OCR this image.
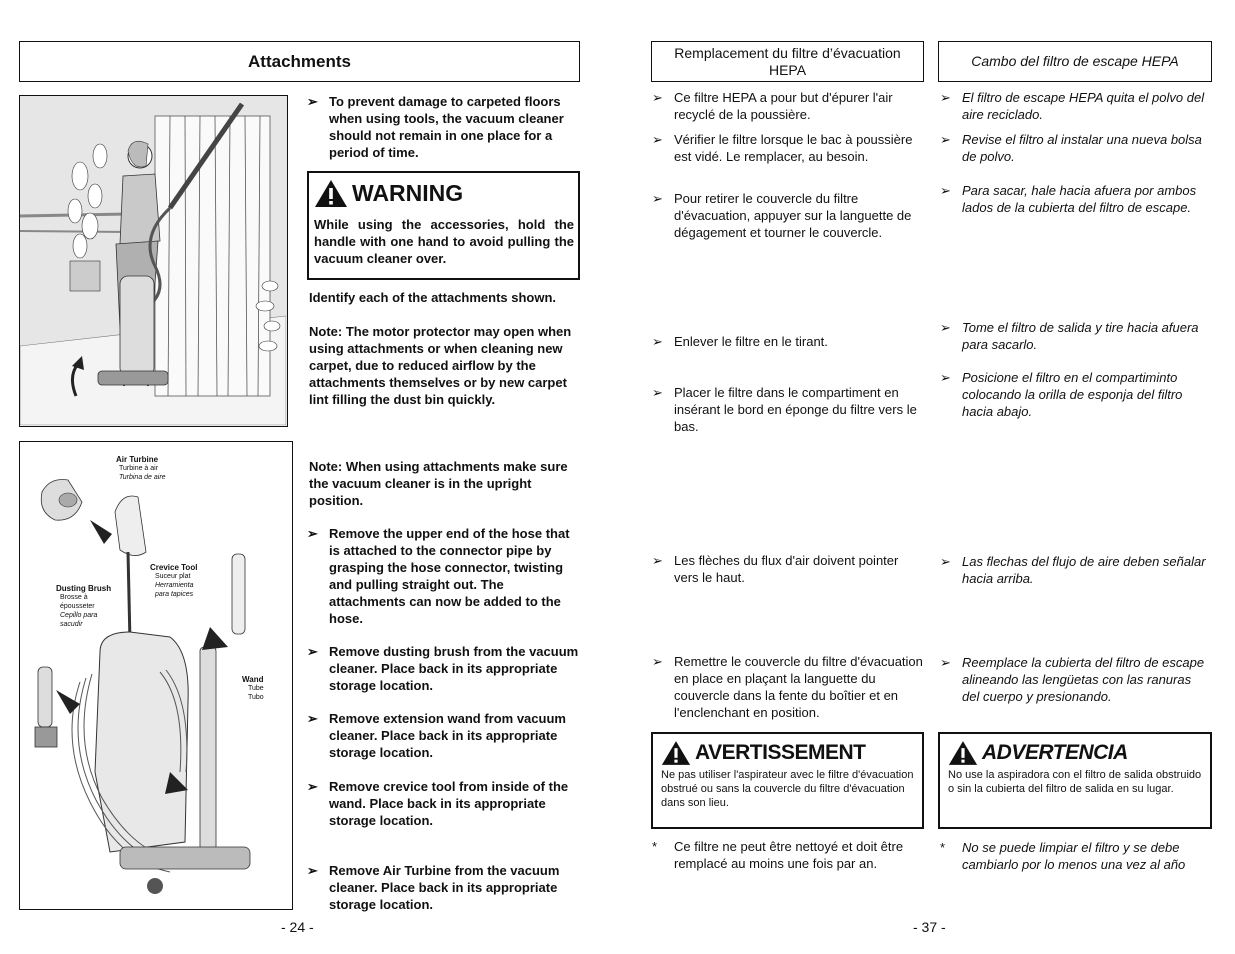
Attachments
➢ To prevent damage to carpeted floors when using tools, the vacuum cleaner should not remain in one place for a period of time.
WARNING
While using the accessories, hold the handle with one hand to avoid pulling the vacuum cleaner over.
Identify each of the attachments shown.
Note: The motor protector may open when using attachments or when cleaning new carpet, due to reduced airflow by the attachments themselves or by new carpet lint filling the dust bin quickly.
Air Turbine
Turbine à air
Turbina de aire
Crevice Tool
Suceur plat
Herramienta
para tapices
Dusting Brush
Brosse à
épousseter
Cepillo para
sacudir
Wand
Tube
Tubo
Note: When using attachments make sure the vacuum cleaner is in the upright position.
➢ Remove the upper end of the hose that is attached to the connector pipe by grasping the hose connector, twisting and pulling straight out. The attachments can now be added to the hose.
➢ Remove dusting brush from the vacuum cleaner. Place back in its appropriate storage location.
➢ Remove extension wand from vacuum cleaner. Place back in its appropriate storage location.
➢ Remove crevice tool from inside of the wand. Place back in its appropriate storage location.
➢ Remove Air Turbine from the vacuum cleaner. Place back in its appropriate storage location.
- 24 -
Remplacement du filtre d’évacuation HEPA
Cambo del filtro de escape HEPA
➢ Ce filtre HEPA a pour but d'épurer l'air recyclé de la poussière.
➢ Vérifier le filtre lorsque le bac à poussière est vidé. Le remplacer, au besoin.
➢ Pour retirer le couvercle du filtre d'évacuation, appuyer sur la languette de dégagement et tourner le couvercle.
➢ Enlever le filtre en le tirant.
➢ Placer le filtre dans le compartiment en insérant le bord en éponge du filtre vers le bas.
➢ Les flèches du flux d'air doivent pointer vers le haut.
➢ Remettre le couvercle du filtre d'évacuation en place en plaçant la languette du couvercle dans la fente du boîtier et en l'enclenchant en position.
➢ El filtro de escape HEPA quita el polvo del aire reciclado.
➢ Revise el filtro al instalar una nueva bolsa de polvo.
➢ Para sacar, hale hacia afuera por ambos lados de la cubierta del filtro de escape.
➢ Tome el filtro de salida y tire hacia afuera para sacarlo.
➢ Posicione el filtro en el compartiminto colocando la orilla de esponja del filtro hacia abajo.
➢ Las flechas del flujo de aire deben señalar hacia arriba.
➢ Reemplace la cubierta del filtro de escape alineando las lengüetas con las ranuras del cuerpo y presionando.
AVERTISSEMENT
Ne pas utiliser l'aspirateur avec le filtre d'évacuation obstrué ou sans la couvercle du filtre d'évacuation dans son lieu.
ADVERTENCIA
No use la aspiradora con el filtro de salida obstruido o sin la cubierta del filtro de salida en su lugar.
*	Ce filtre ne peut être nettoyé et doit être remplacé au moins une fois par an.
*	No se puede limpiar el filtro y se debe cambiarlo por lo menos una vez al año
- 37 -
